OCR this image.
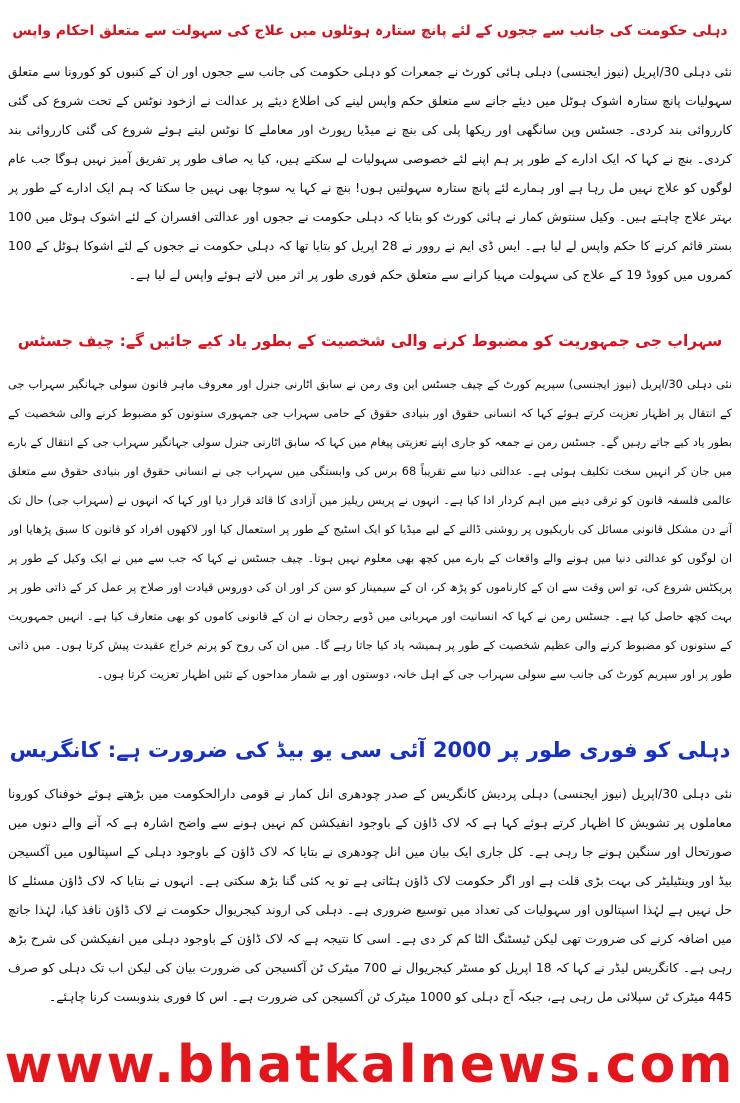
دہلی حکومت کی جانب سے ججوں کے لئے پانچ ستارہ ہوٹلوں میں علاج کی سہولت سے متعلق احکام واپس

نئی دہلی 30/اپریل (نیوز ایجنسی) دہلی ہائی کورٹ نے جمعرات کو دہلی حکومت کی جانب سے ججوں اور ان کے کنبوں کو کورونا سے متعلق سہولیات پانچ ستارہ اشوک ہوٹل میں دیئے جانے سے متعلق حکم واپس لینے کی اطلاع دیئے پر عدالت نے ازخود نوٹس کے تحت شروع کی گئی کارروائی بند کردی۔ جسٹس وپن سانگھی اور ریکھا پلی کی بنچ نے میڈیا رپورٹ اور معاملے کا نوٹس لیتے ہوئے شروع کی گئی کارروائی بند کردی۔ بنچ نے کہا کہ ایک ادارے کے طور پر ہم اپنے لئے خصوصی سہولیات لے سکتے ہیں، کیا یہ صاف طور پر تفریق آمیز نہیں ہوگا جب عام لوگوں کو علاج نہیں مل رہا ہے اور ہمارے لئے پانچ ستارہ سہولتیں ہوں! بنچ نے کہا یہ سوچا بھی نہیں جا سکتا کہ ہم ایک ادارے کے طور پر بہتر علاج چاہتے ہیں۔ وکیل سنتوش کمار نے ہائی کورٹ کو بتایا کہ دہلی حکومت نے ججوں اور عدالتی افسران کے لئے اشوک ہوٹل میں 100 بستر قائم کرنے کا حکم واپس لے لیا ہے۔ ایس ڈی ایم نے روور نے 28 اپریل کو بتایا تھا کہ دہلی حکومت نے ججوں کے لئے اشوکا ہوٹل کے 100 کمروں میں کووڈ 19 کے علاج کی سہولت مہیا کرانے سے متعلق حکم فوری طور پر اثر میں لاتے ہوئے واپس لے لیا ہے۔

سہراب جی جمہوریت کو مضبوط کرنے والی شخصیت کے بطور یاد کیے جائیں گے: چیف جسٹس

نئی دہلی 30/اپریل (نیوز ایجنسی) سپریم کورٹ کے چیف جسٹس این وی رمن نے سابق اٹارنی جنرل اور معروف ماہر قانون سولی جہانگیر سہراب جی کے انتقال پر اظہار تعزیت کرتے ہوئے کہا کہ انسانی حقوق اور بنیادی حقوق کے حامی سہراب جی جمہوری ستونوں کو مضبوط کرنے والی شخصیت کے بطور یاد کیے جاتے رہیں گے۔ جسٹس رمن نے جمعہ کو جاری اپنے تعزیتی پیغام میں کہا کہ سابق اٹارنی جنرل سولی جہانگیر سہراب جی کے انتقال کے بارے میں جان کر انہیں سخت تکلیف ہوئی ہے۔ عدالتی دنیا سے تقریباً 68 برس کی وابستگی میں سہراب جی نے انسانی حقوق اور بنیادی حقوق سے متعلق عالمی فلسفہ قانون کو ترقی دینے میں اہم کردار ادا کیا ہے۔ انہوں نے پریس ریلیز میں آزادی کا قائد قرار دیا اور کہا کہ انہوں نے (سہراب جی) حال تک آنے دن مشکل قانونی مسائل کی باریکیوں پر روشنی ڈالنے کے لیے میڈیا کو ایک اسٹیج کے طور پر استعمال کیا اور لاکھوں افراد کو قانون کا سبق پڑھایا اور ان لوگوں کو عدالتی دنیا میں ہونے والے واقعات کے بارے میں کچھ بھی معلوم نہیں ہوتا۔ چیف جسٹس نے کہا کہ جب سے میں نے ایک وکیل کے طور پر پریکٹس شروع کی، تو اس وقت سے ان کے کارناموں کو پڑھ کر، ان کے سیمینار کو سن کر اور ان کی دوروس قیادت اور صلاح پر عمل کر کے ذاتی طور پر بہت کچھ حاصل کیا ہے۔ جسٹس رمن نے کہا کہ انسانیت اور مہربانی میں ڈوبے رجحان نے ان کے قانونی کاموں کو بھی متعارف کیا ہے۔ انہیں جمہوریت کے ستونوں کو مضبوط کرنے والی عظیم شخصیت کے طور پر ہمیشہ یاد کیا جاتا رہے گا۔ میں ان کی روح کو پرنم خراج عقیدت پیش کرتا ہوں۔ میں ذاتی طور پر اور سپریم کورٹ کی جانب سے سولی سہراب جی کے اہل خانہ، دوستوں اور بے شمار مداحوں کے تئیں اظہار تعزیت کرتا ہوں۔

دہلی کو فوری طور پر 2000 آئی سی یو بیڈ کی ضرورت ہے: کانگریس

نئی دہلی 30/اپریل (نیوز ایجنسی) دہلی پردیش کانگریس کے صدر چودھری انل کمار نے قومی دارالحکومت میں بڑھتے ہوئے خوفناک کورونا معاملوں پر تشویش کا اظہار کرتے ہوئے کہا ہے کہ لاک ڈاؤن کے باوجود انفیکشن کم نہیں ہونے سے واضح اشارہ ہے کہ آنے والے دنوں میں صورتحال اور سنگین ہونے جا رہی ہے۔ کل جاری ایک بیان میں انل چودھری نے بتایا کہ لاک ڈاؤن کے باوجود دہلی کے اسپتالوں میں آکسیجن بیڈ اور وینٹیلیٹر کی بہت بڑی قلت ہے اور اگر حکومت لاک ڈاؤن ہٹاتی ہے تو یہ کئی گنا بڑھ سکتی ہے۔ انہوں نے بتایا کہ لاک ڈاؤن مسئلے کا حل نہیں ہے لہٰذا اسپتالوں اور سہولیات کی تعداد میں توسیع ضروری ہے۔ دہلی کی اروند کیجریوال حکومت نے لاک ڈاؤن نافذ کیا، لہٰذا جانچ میں اضافہ کرنے کی ضرورت تھی لیکن ٹیسٹنگ الٹا کم کر دی ہے۔ اسی کا نتیجہ ہے کہ لاک ڈاؤن کے باوجود دہلی میں انفیکشن کی شرح بڑھ رہی ہے۔ کانگریس لیڈر نے کہا کہ 18 اپریل کو مسٹر کیجریوال نے 700 میٹرک ٹن آکسیجن کی ضرورت بیان کی لیکن اب تک دہلی کو صرف 445 میٹرک ٹن سپلائی مل رہی ہے، جبکہ آج دہلی کو 1000 میٹرک ٹن آکسیجن کی ضرورت ہے۔ اس کا فوری بندوبست کرنا چاہئے۔

www.bhatkalnews.com
